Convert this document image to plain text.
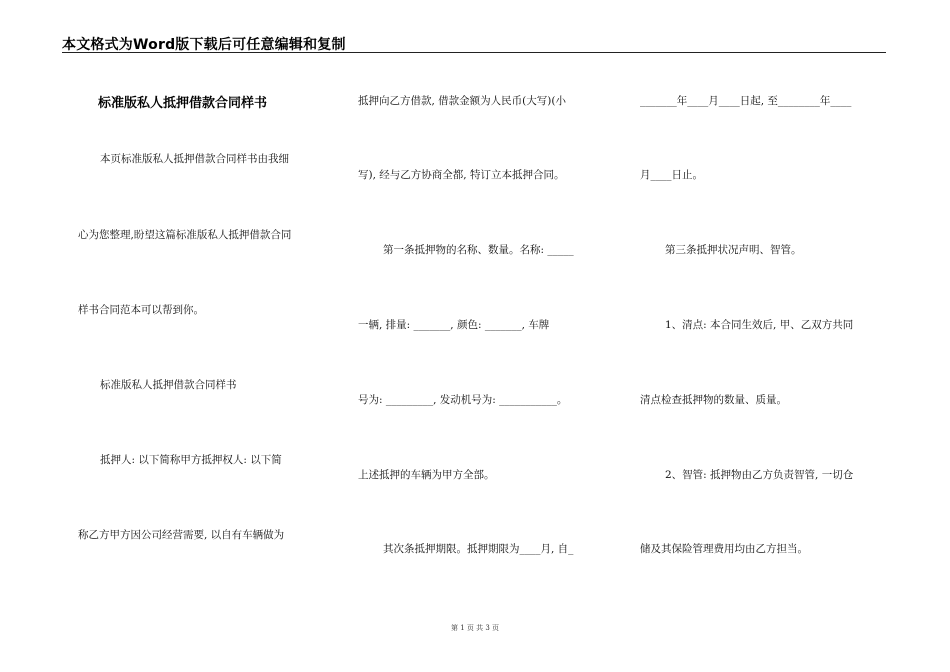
本文格式为Word版下载后可任意编辑和复制
标准版私人抵押借款合同样书
本页标准版私人抵押借款合同样书由我细
心为您整理,盼望这篇标准版私人抵押借款合同
样书合同范本可以帮到你。
标准版私人抵押借款合同样书
抵押人: 以下简称甲方抵押权人: 以下简
称乙方甲方因公司经营需要, 以自有车辆做为
抵押向乙方借款, 借款金额为人民币(大写)(小
写), 经与乙方协商全都, 特订立本抵押合同。
第一条抵押物的名称、数量。名称: _____
一辆, 排量: _______, 颜色: _______, 车牌
号为: _________, 发动机号为: ___________。
上述抵押的车辆为甲方全部。
其次条抵押期限。抵押期限为____月, 自_
_______年____月____日起, 至________年____
月____日止。
第三条抵押状况声明、智管。
1、清点: 本合同生效后, 甲、乙双方共同
清点检查抵押物的数量、质量。
2、智管: 抵押物由乙方负责智管, 一切仓
储及其保险管理费用均由乙方担当。
第 1 页 共 3 页
